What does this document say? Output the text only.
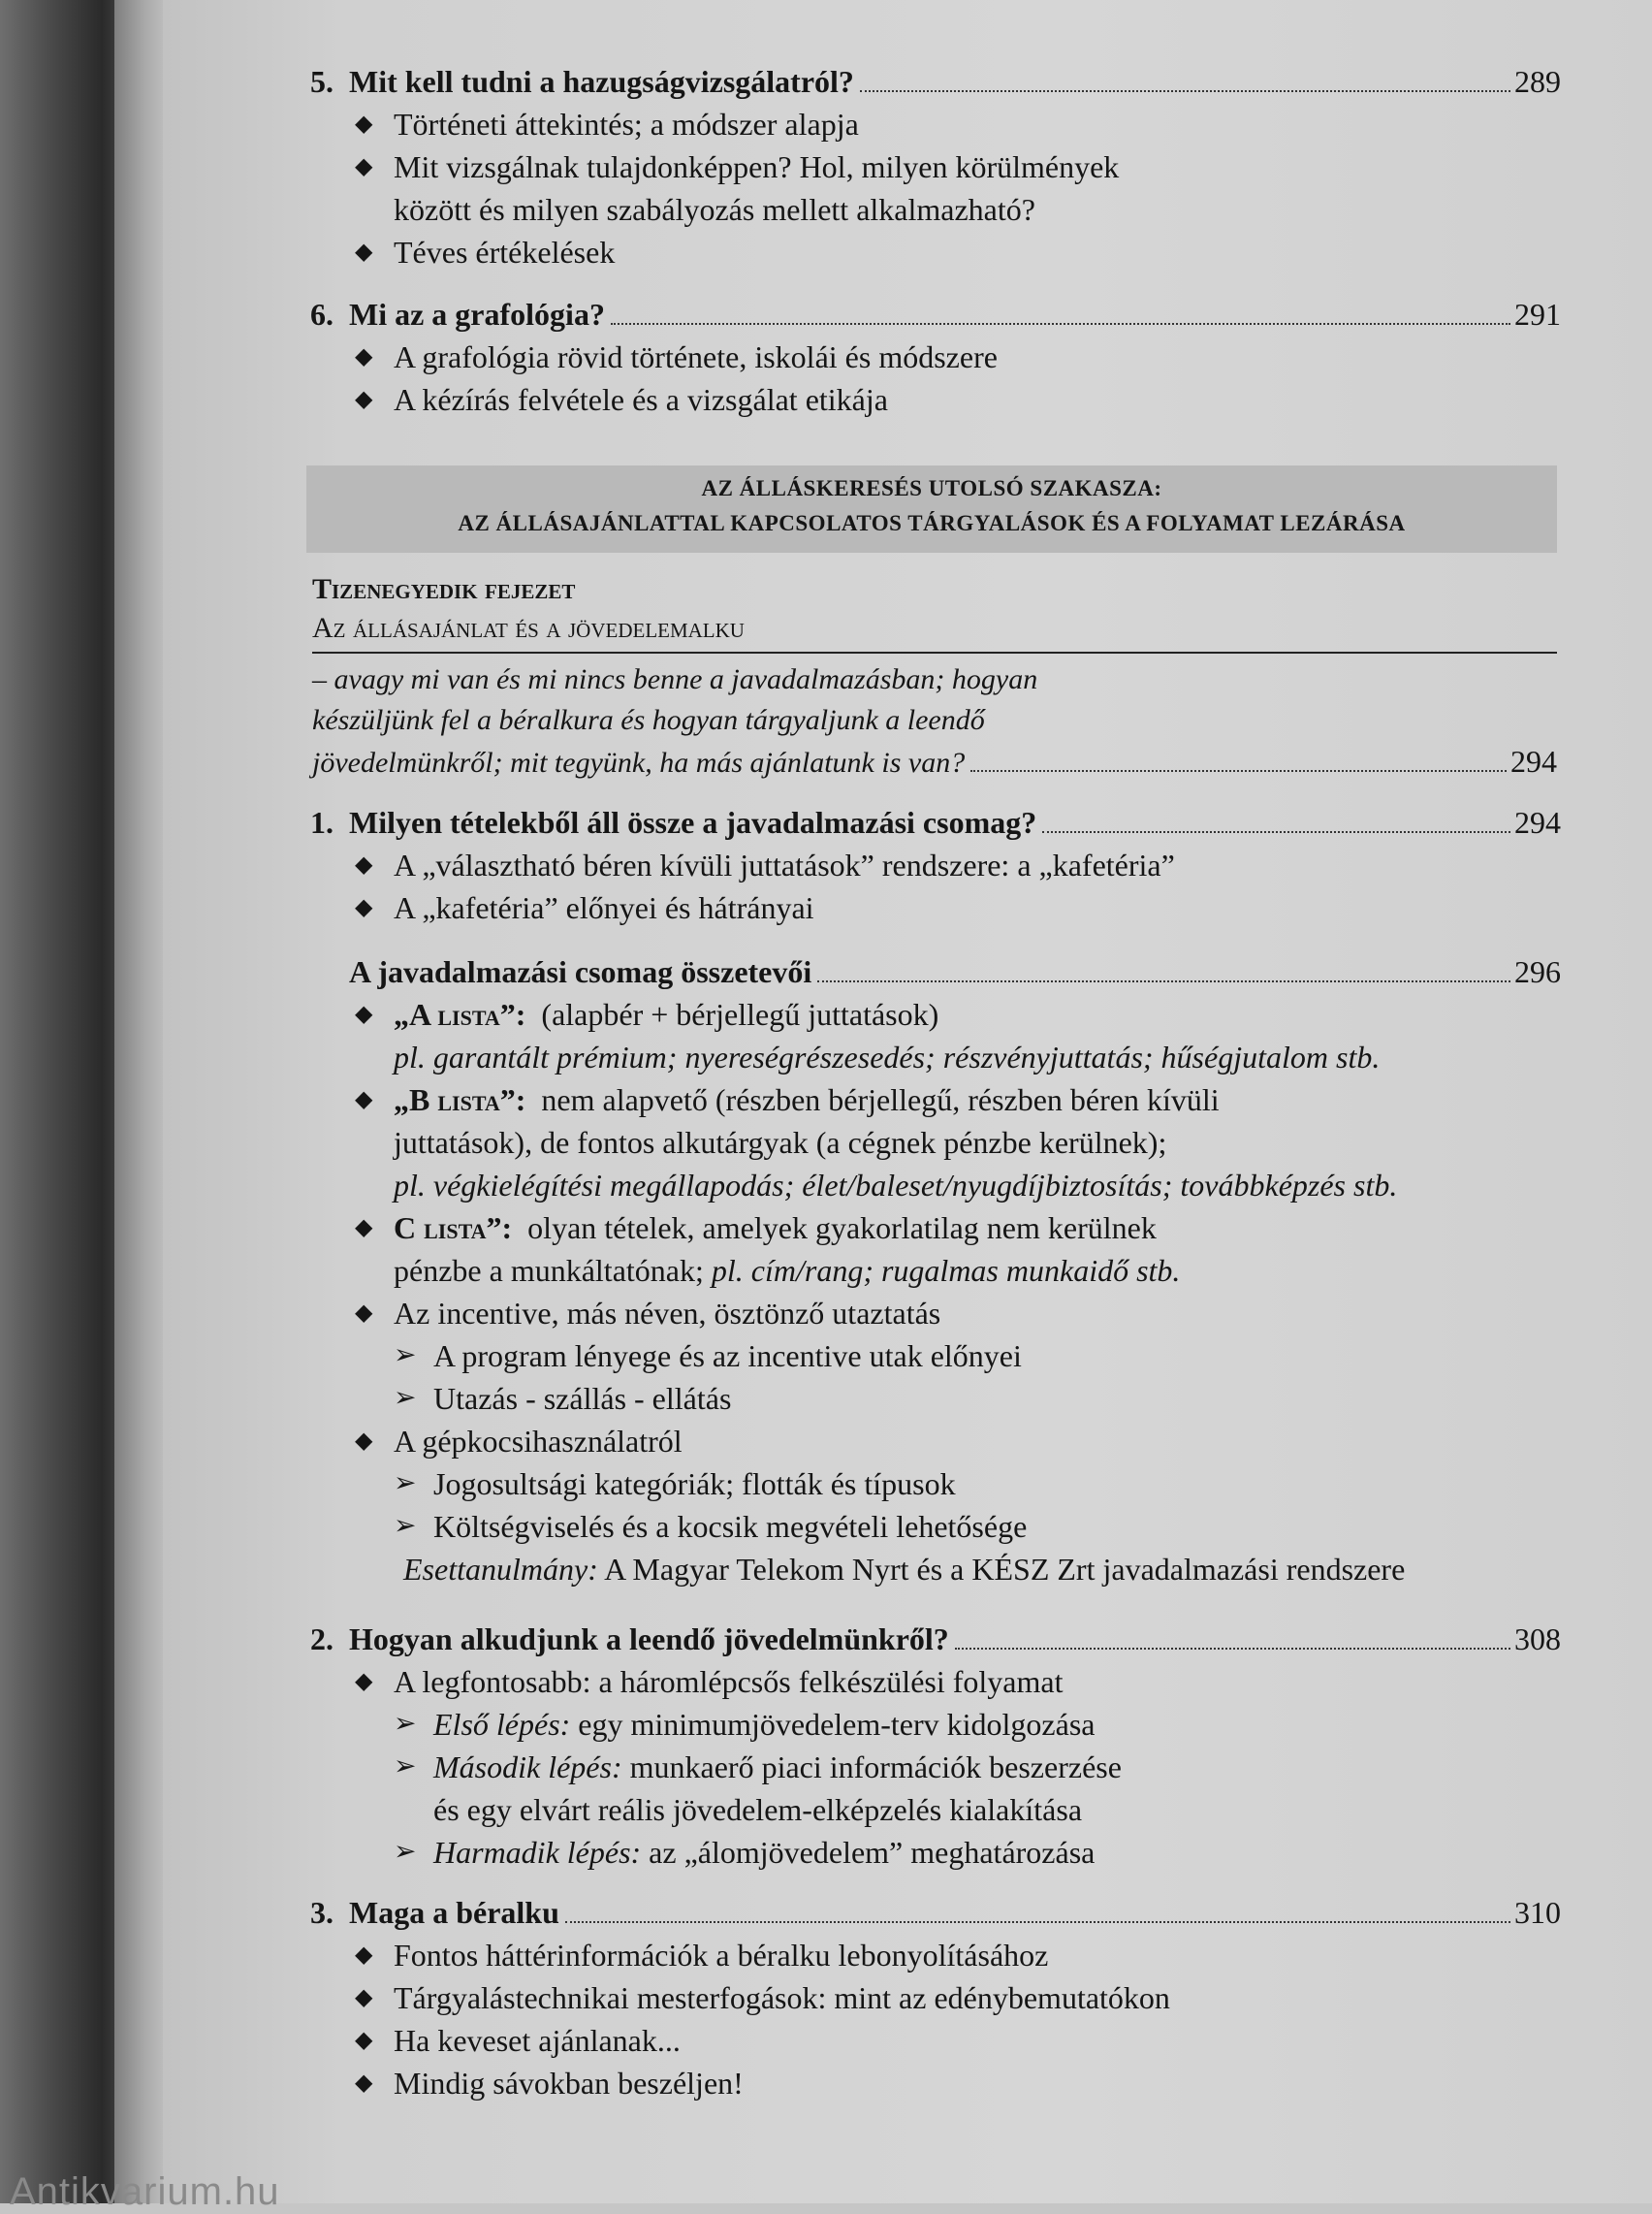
5. Mit kell tudni a hazugságvizsgálatról?	289

◆ Történeti áttekintés; a módszer alapja

◆ Mit vizsgálnak tulajdonképpen? Hol, milyen körülmények

között és milyen szabályozás mellett alkalmazható?

◆ Téves értékelések

6. Mi az a grafológia?	291

◆ A grafológia rövid története, iskolái és módszere

◆ A kézírás felvétele és a vizsgálat etikája

AZ ÁLLÁSKERESÉS UTOLSÓ SZAKASZA:
AZ ÁLLÁSAJÁNLATTAL KAPCSOLATOS TÁRGYALÁSOK ÉS A FOLYAMAT LEZÁRÁSA
Tizenegyedik fejezet
Az állásajánlat és a jövedelemalku
– avagy mi van és mi nincs benne a javadalmazásban; hogyan
készüljünk fel a béralkura és hogyan tárgyaljunk a leendő
jövedelmünkről; mit tegyünk, ha más ajánlatunk is van?	294
1. Milyen tételekből áll össze a javadalmazási csomag?	294

◆ A „választható béren kívüli juttatások” rendszere: a „kafetéria”

◆ A „kafetéria” előnyei és hátrányai

A javadalmazási csomag összetevői	296

◆ „A lista”: (alapbér + bérjellegű juttatások)

pl. garantált prémium; nyereségrészesedés; részvényjuttatás; hűségjutalom stb.

◆ „B lista”: nem alapvető (részben bérjellegű, részben béren kívüli

juttatások), de fontos alkutárgyak (a cégnek pénzbe kerülnek);

pl. végkielégítési megállapodás; élet/baleset/nyugdíjbiztosítás; továbbképzés stb.

◆ C lista”: olyan tételek, amelyek gyakorlatilag nem kerülnek

pénzbe a munkáltatónak; pl. cím/rang; rugalmas munkaidő stb.

◆ Az incentive, más néven, ösztönző utaztatás

➢ A program lényege és az incentive utak előnyei

➢ Utazás - szállás - ellátás

◆ A gépkocsihasználatról

➢ Jogosultsági kategóriák; flották és típusok

➢ Költségviselés és a kocsik megvételi lehetősége

Esettanulmány: A Magyar Telekom Nyrt és a KÉSZ Zrt javadalmazási rendszere

2. Hogyan alkudjunk a leendő jövedelmünkről?	308

◆ A legfontosabb: a háromlépcsős felkészülési folyamat

➢ Első lépés: egy minimumjövedelem-terv kidolgozása

➢ Második lépés: munkaerő piaci információk beszerzése

és egy elvárt reális jövedelem-elképzelés kialakítása

➢ Harmadik lépés: az „álomjövedelem” meghatározása

3. Maga a béralku	310

◆ Fontos háttérinformációk a béralku lebonyolításához

◆ Tárgyalástechnikai mesterfogások: mint az edénybemutatókon

◆ Ha keveset ajánlanak...

◆ Mindig sávokban beszéljen!

Antikvarium.hu
